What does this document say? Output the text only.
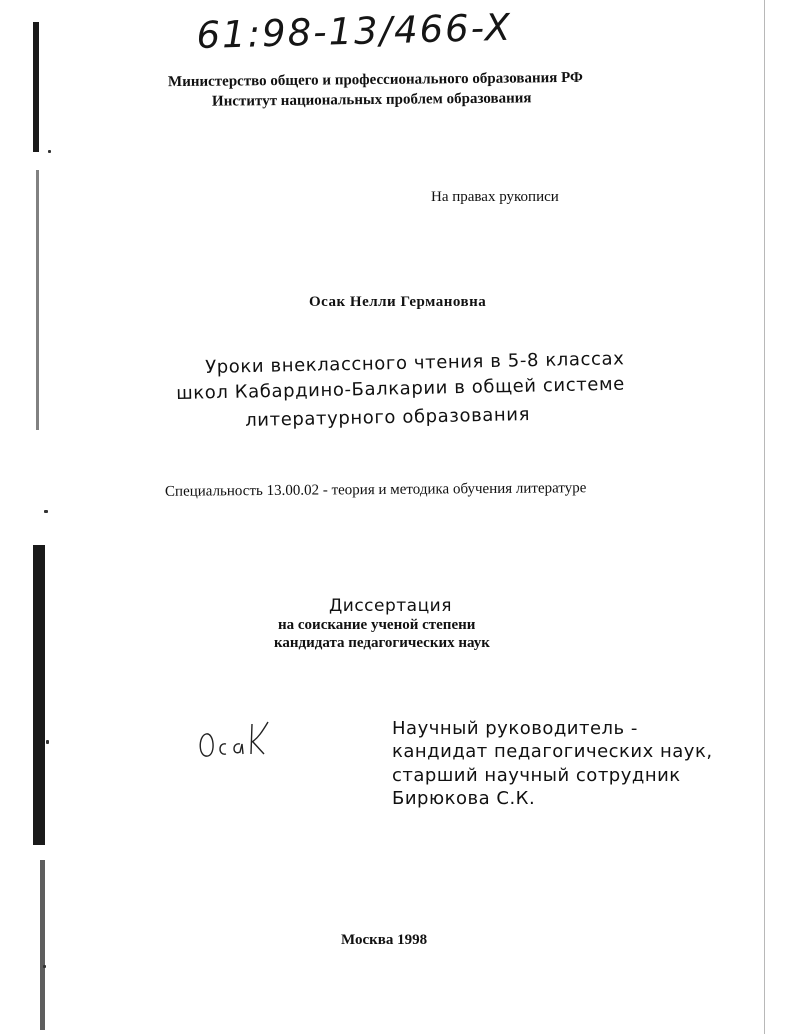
61:98-13/466-X
Министерство общего и профессионального образования РФ
Институт национальных проблем образования
На правах рукописи
Осак Нелли Германовна
Уроки внеклассного чтения в 5-8 классах
школ Кабардино-Балкарии в общей системе
литературного образования
Специальность 13.00.02 - теория и методика обучения литературе
Диссертация
на соискание ученой степени
кандидата педагогических наук
Научный руководитель -
кандидат педагогических наук,
старший научный сотрудник
Бирюкова С.К.
Москва 1998
